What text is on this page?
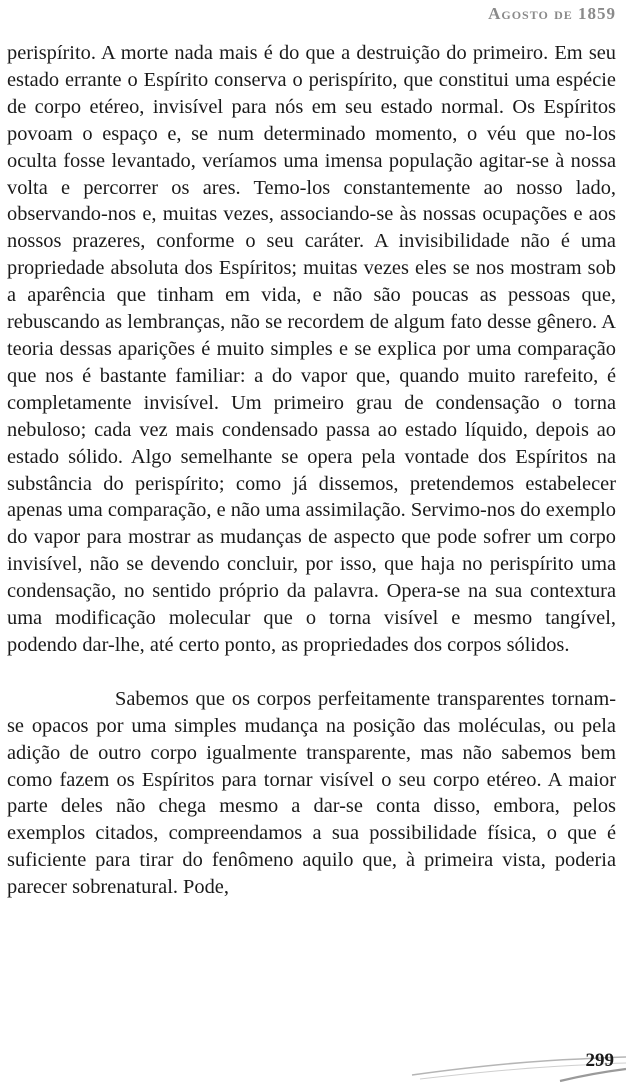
Agosto de 1859

perispírito. A morte nada mais é do que a destruição do primeiro. Em seu estado errante o Espírito conserva o perispírito, que constitui uma espécie de corpo etéreo, invisível para nós em seu estado normal. Os Espíritos povoam o espaço e, se num determinado momento, o véu que no-los oculta fosse levantado, veríamos uma imensa população agitar-se à nossa volta e percorrer os ares. Temo-los constantemente ao nosso lado, observando-nos e, muitas vezes, associando-se às nossas ocupações e aos nossos prazeres, conforme o seu caráter. A invisibilidade não é uma propriedade absoluta dos Espíritos; muitas vezes eles se nos mostram sob a aparência que tinham em vida, e não são poucas as pessoas que, rebuscando as lembranças, não se recordem de algum fato desse gênero. A teoria dessas aparições é muito simples e se explica por uma comparação que nos é bastante familiar: a do vapor que, quando muito rarefeito, é completamente invisível. Um primeiro grau de condensação o torna nebuloso; cada vez mais condensado passa ao estado líquido, depois ao estado sólido. Algo semelhante se opera pela vontade dos Espíritos na substância do perispírito; como já dissemos, pretendemos estabelecer apenas uma comparação, e não uma assimilação. Servimo-nos do exemplo do vapor para mostrar as mudanças de aspecto que pode sofrer um corpo invisível, não se devendo concluir, por isso, que haja no perispírito uma condensação, no sentido próprio da palavra. Opera-se na sua contextura uma modificação molecular que o torna visível e mesmo tangível, podendo dar-lhe, até certo ponto, as propriedades dos corpos sólidos.

Sabemos que os corpos perfeitamente transparentes tornam-se opacos por uma simples mudança na posição das moléculas, ou pela adição de outro corpo igualmente transparente, mas não sabemos bem como fazem os Espíritos para tornar visível o seu corpo etéreo. A maior parte deles não chega mesmo a dar-se conta disso, embora, pelos exemplos citados, compreendamos a sua possibilidade física, o que é suficiente para tirar do fenômeno aquilo que, à primeira vista, poderia parecer sobrenatural. Pode,

299
